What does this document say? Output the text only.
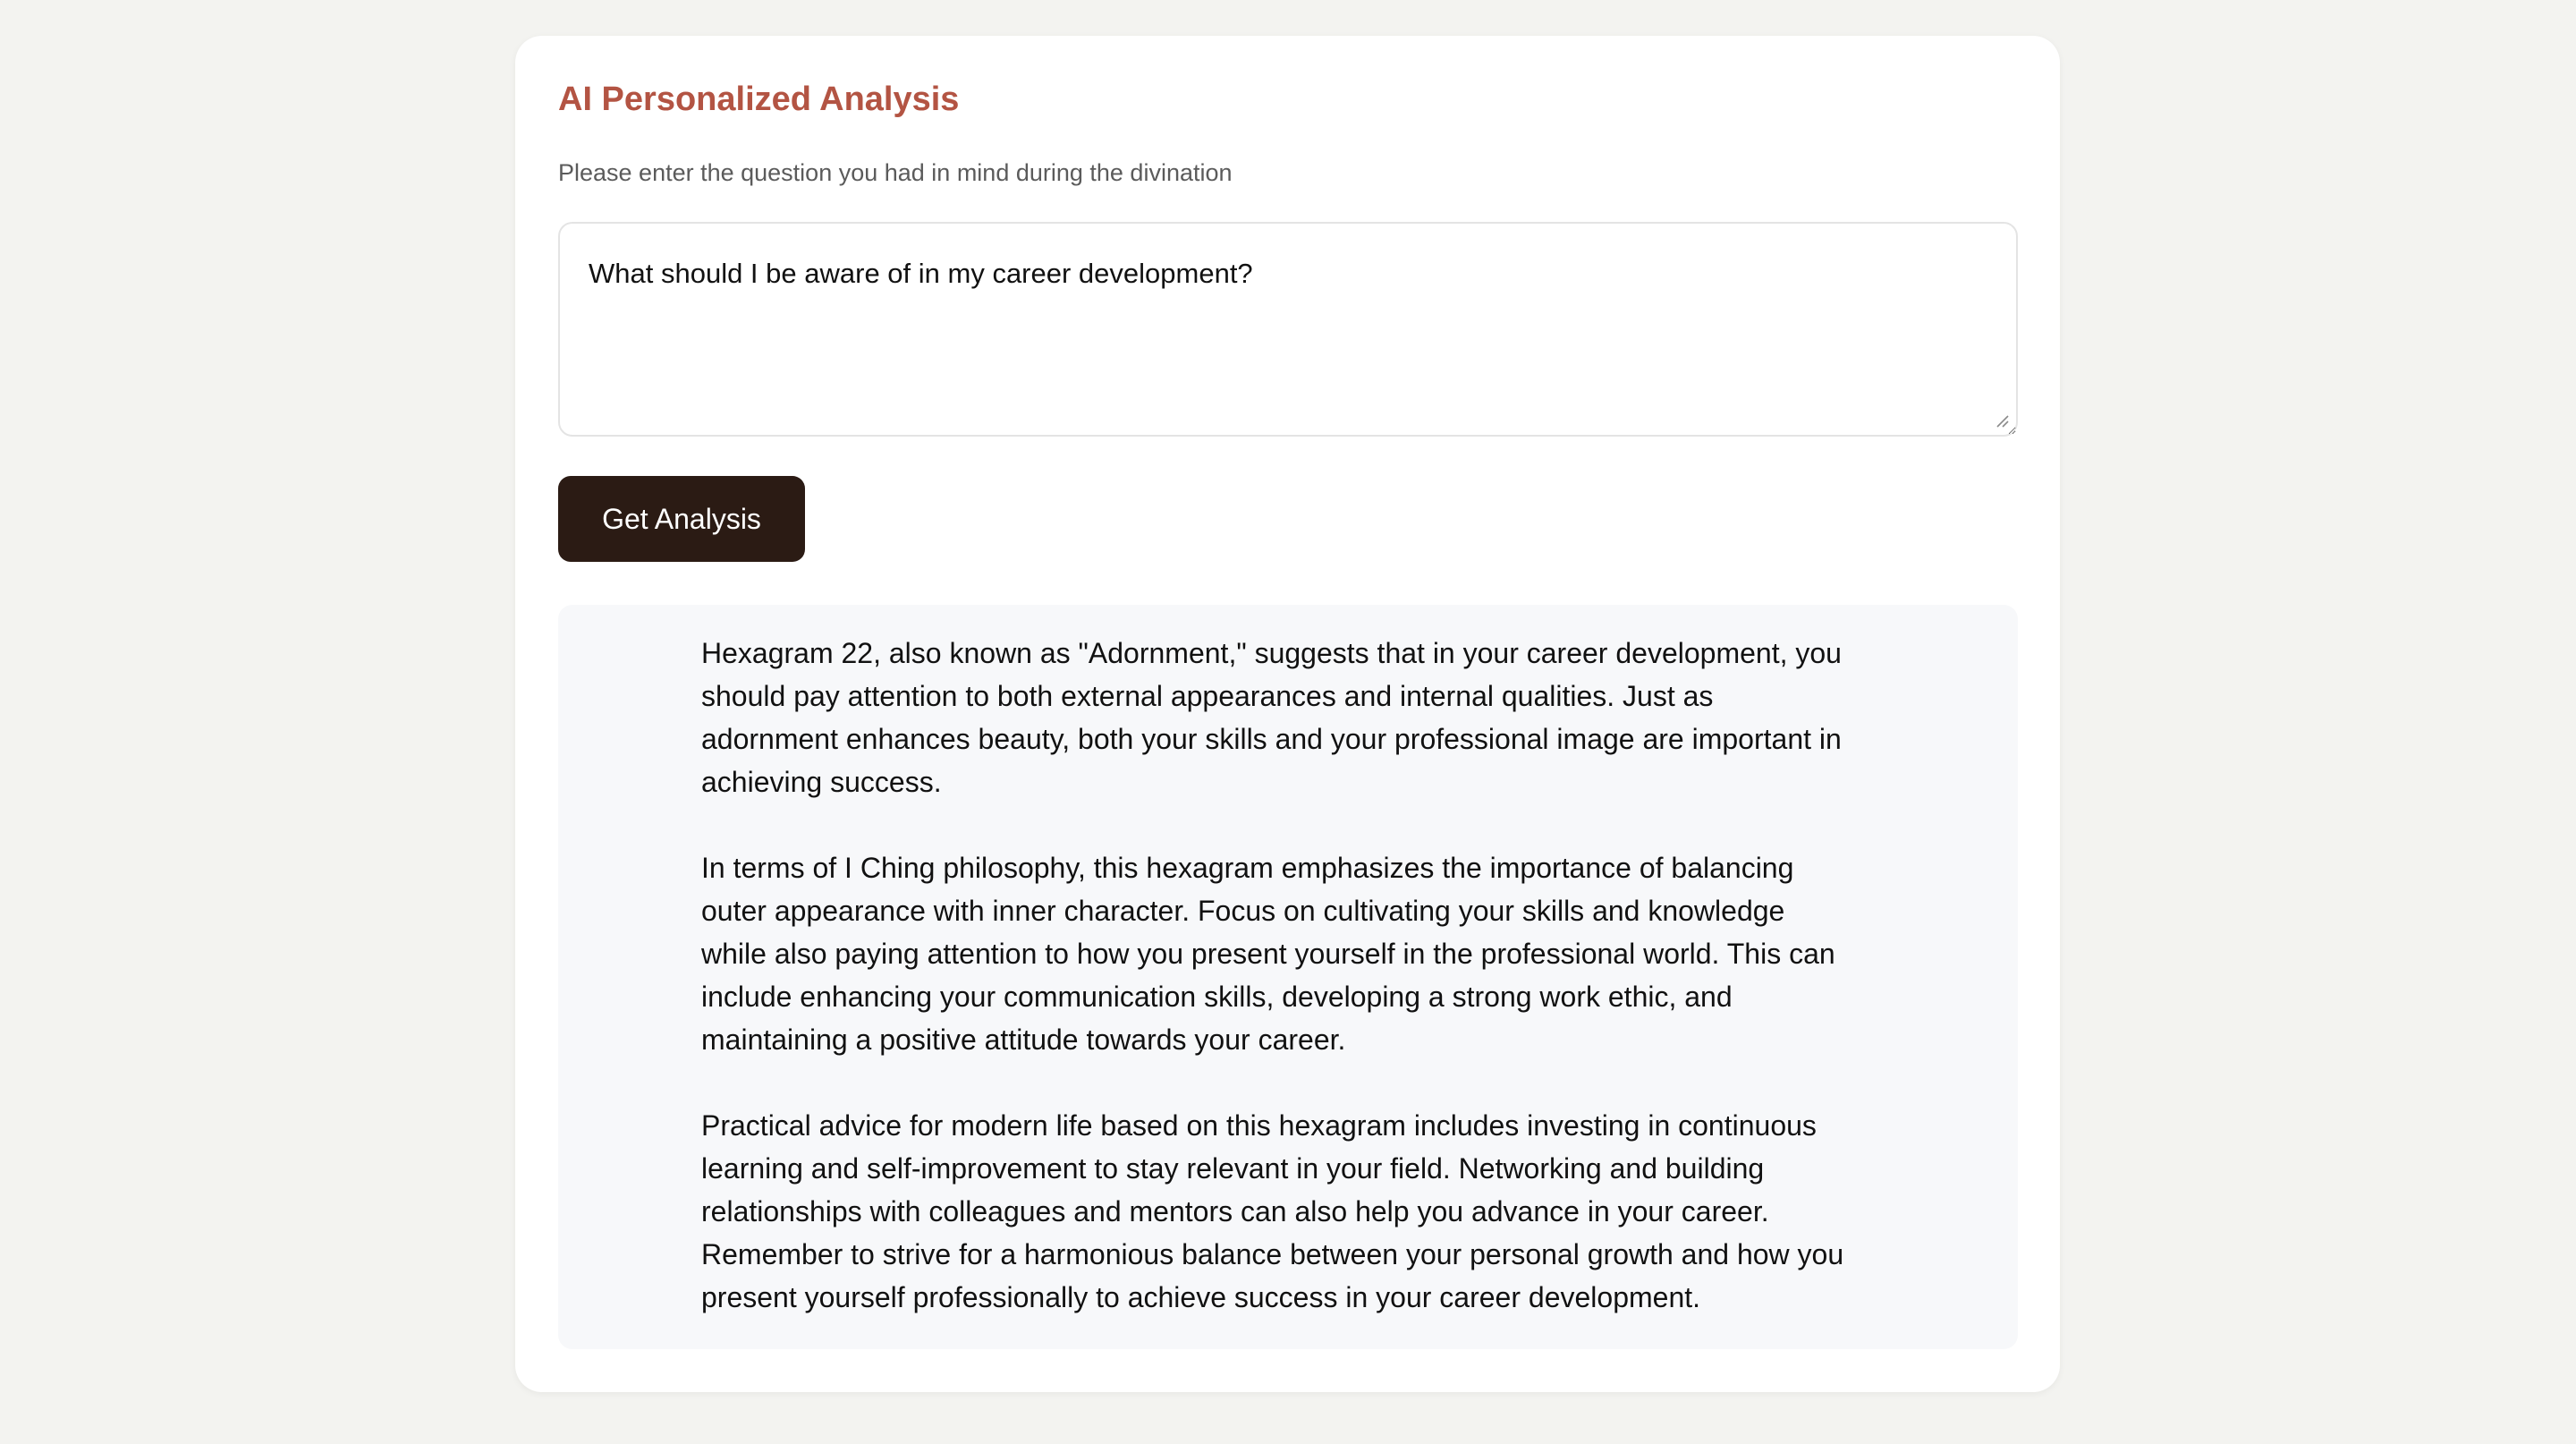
AI Personalized Analysis

Please enter the question you had in mind during the divination

What should I be aware of in my career development?
Get Analysis

Hexagram 22, also known as "Adornment," suggests that in your career development, you
should pay attention to both external appearances and internal qualities. Just as
adornment enhances beauty, both your skills and your professional image are important in
achieving success.

In terms of I Ching philosophy, this hexagram emphasizes the importance of balancing
outer appearance with inner character. Focus on cultivating your skills and knowledge
while also paying attention to how you present yourself in the professional world. This can
include enhancing your communication skills, developing a strong work ethic, and
maintaining a positive attitude towards your career.

Practical advice for modern life based on this hexagram includes investing in continuous
learning and self-improvement to stay relevant in your field. Networking and building
relationships with colleagues and mentors can also help you advance in your career.
Remember to strive for a harmonious balance between your personal growth and how you
present yourself professionally to achieve success in your career development.
